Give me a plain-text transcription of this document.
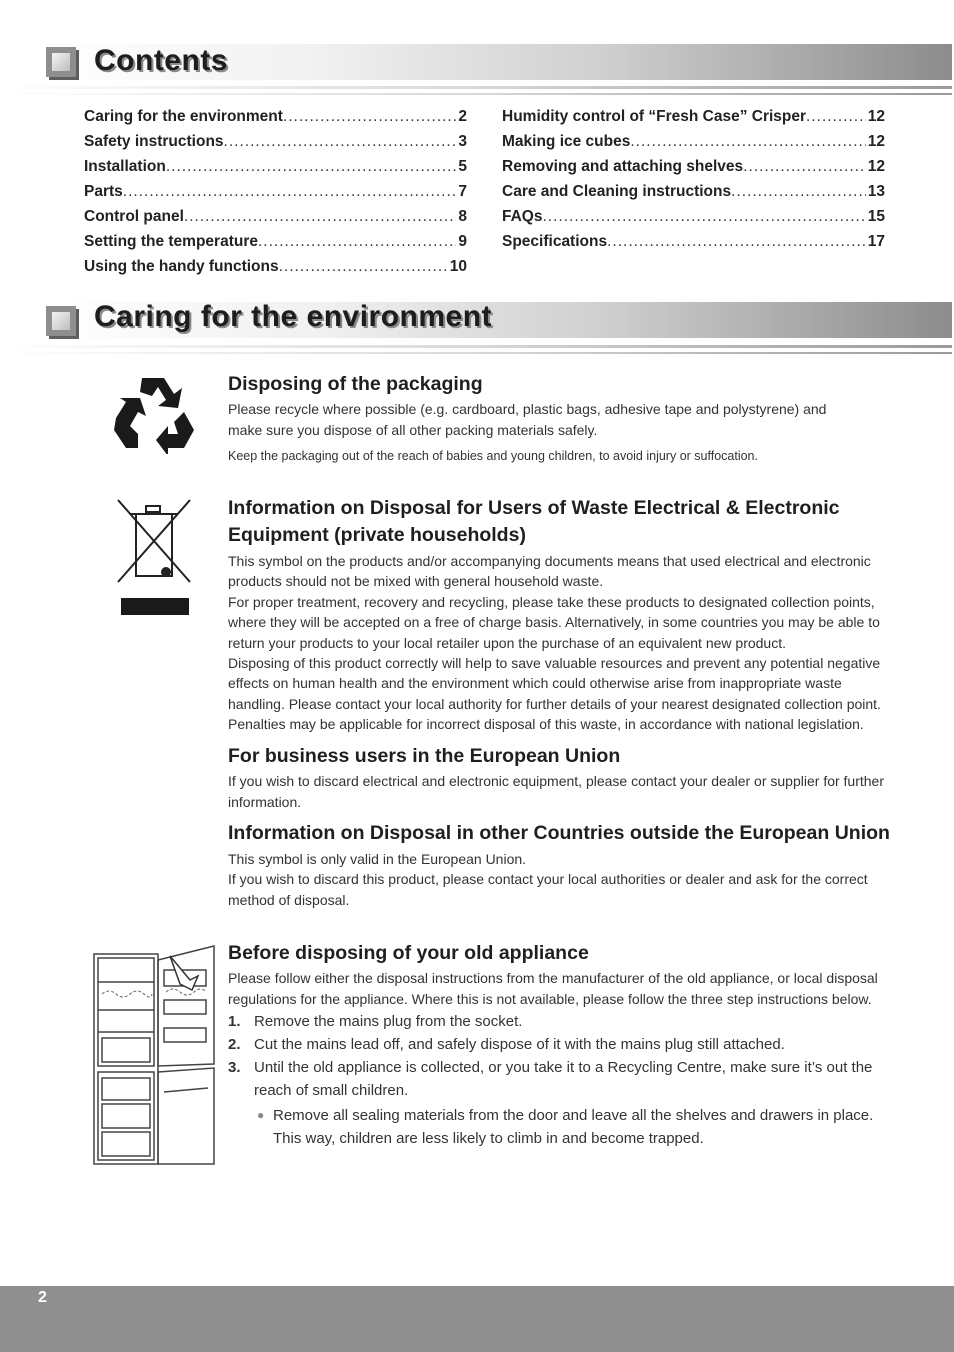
Contents
Caring for the environment .....	2
Safety instructions .....	3
Installation .....	5
Parts .....	7
Control panel .....	8
Setting the temperature .....	9
Using the handy functions .....	10
Humidity control of “Fresh Case” Crisper .....	12
Making ice cubes .....	12
Removing and attaching shelves .....	12
Care and Cleaning instructions .....	13
FAQs .....	15
Specifications .....	17
Caring for the environment
Disposing of the packaging
Please recycle where possible (e.g. cardboard, plastic bags, adhesive tape and polystyrene) and
make sure you dispose of all other packing materials safely.
Keep the packaging out of the reach of babies and young children, to avoid injury or suffocation.
Information on Disposal for Users of Waste Electrical & Electronic
Equipment (private households)
This symbol on the products and/or accompanying documents means that used electrical and electronic
products should not be mixed with general household waste.
For proper treatment, recovery and recycling, please take these products to designated collection points,
where they will be accepted on a free of charge basis. Alternatively, in some countries you may be able to
return your products to your local retailer upon the purchase of an equivalent new product.
Disposing of this product correctly will help to save valuable resources and prevent any potential negative
effects on human health and the environment which could otherwise arise from inappropriate waste
handling. Please contact your local authority for further details of your nearest designated collection point.
Penalties may be applicable for incorrect disposal of this waste, in accordance with national legislation.
For business users in the European Union
If you wish to discard electrical and electronic equipment, please contact your dealer or supplier for further
information.
Information on Disposal in other Countries outside the European Union
This symbol is only valid in the European Union.
If you wish to discard this product, please contact your local authorities or dealer and ask for the correct
method of disposal.
Before disposing of your old appliance
Please follow either the disposal instructions from the manufacturer of the old appliance, or local disposal
regulations for the appliance. Where this is not available, please follow the three step instructions below.
1. Remove the mains plug from the socket.
2. Cut the mains lead off, and safely dispose of it with the mains plug still attached.
3. Until the old appliance is collected, or you take it to a Recycling Centre, make sure it’s out the
reach of small children.
● Remove all sealing materials from the door and leave all the shelves and drawers in place.
This way, children are less likely to climb in and become trapped.
2
